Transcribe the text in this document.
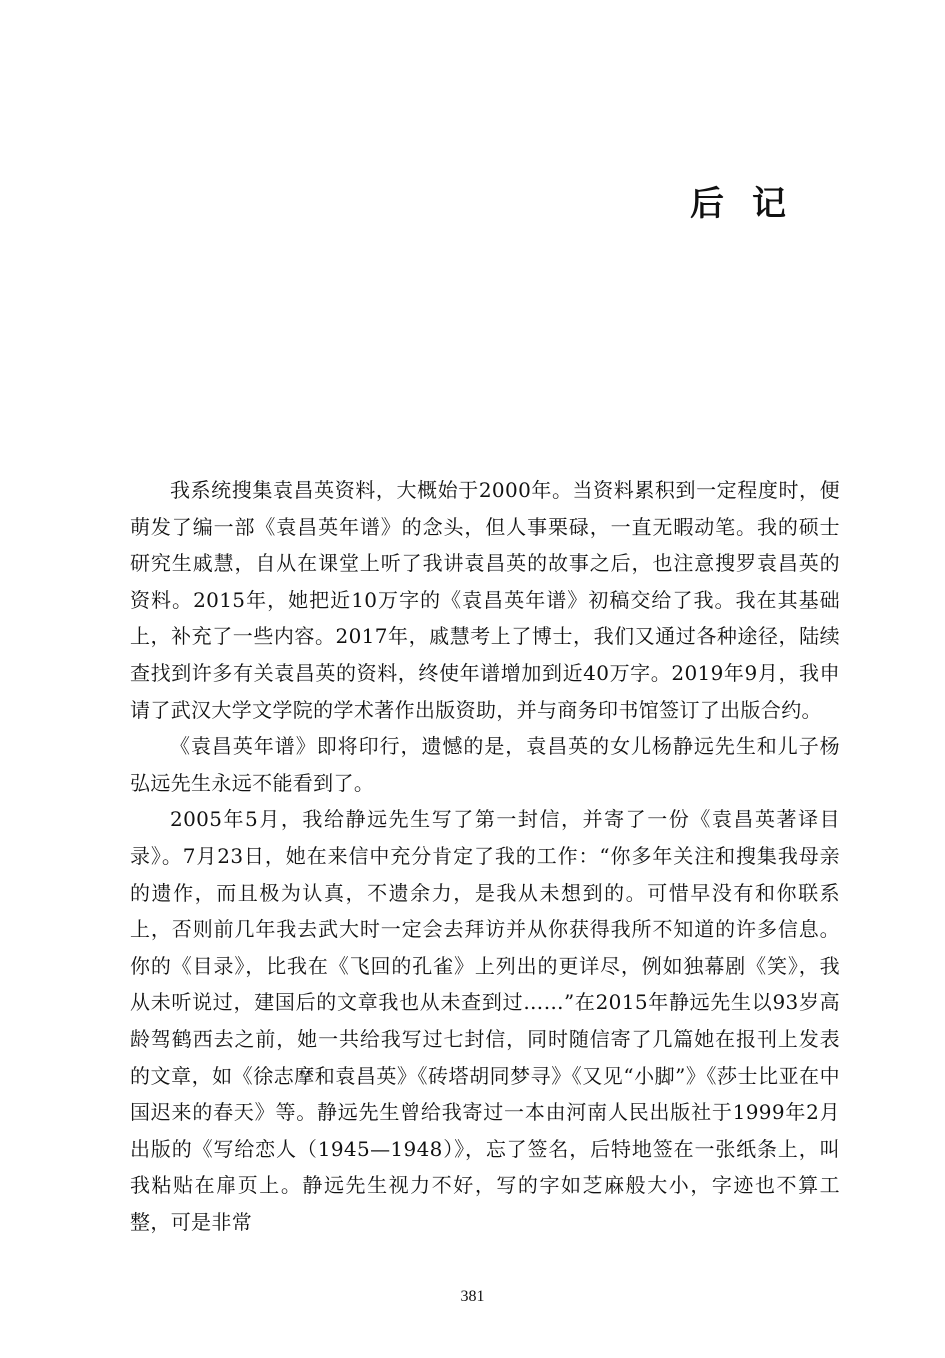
后记

我系统搜集袁昌英资料，大概始于2000年。当资料累积到一定程度时，便萌发了编一部《袁昌英年谱》的念头，但人事栗碌，一直无暇动笔。我的硕士研究生戚慧，自从在课堂上听了我讲袁昌英的故事之后，也注意搜罗袁昌英的资料。2015年，她把近10万字的《袁昌英年谱》初稿交给了我。我在其基础上，补充了一些内容。2017年，戚慧考上了博士，我们又通过各种途径，陆续查找到许多有关袁昌英的资料，终使年谱增加到近40万字。2019年9月，我申请了武汉大学文学院的学术著作出版资助，并与商务印书馆签订了出版合约。

《袁昌英年谱》即将印行，遗憾的是，袁昌英的女儿杨静远先生和儿子杨弘远先生永远不能看到了。

2005年5月，我给静远先生写了第一封信，并寄了一份《袁昌英著译目录》。7月23日，她在来信中充分肯定了我的工作：“你多年关注和搜集我母亲的遗作，而且极为认真，不遗余力，是我从未想到的。可惜早没有和你联系上，否则前几年我去武大时一定会去拜访并从你获得我所不知道的许多信息。你的《目录》，比我在《飞回的孔雀》上列出的更详尽，例如独幕剧《笑》，我从未听说过，建国后的文章我也从未查到过……”在2015年静远先生以93岁高龄驾鹤西去之前，她一共给我写过七封信，同时随信寄了几篇她在报刊上发表的文章，如《徐志摩和袁昌英》《砖塔胡同梦寻》《又见“小脚”》《莎士比亚在中国迟来的春天》等。静远先生曾给我寄过一本由河南人民出版社于1999年2月出版的《写给恋人（1945—1948）》，忘了签名，后特地签在一张纸条上，叫我粘贴在扉页上。静远先生视力不好，写的字如芝麻般大小，字迹也不算工整，可是非常

381
